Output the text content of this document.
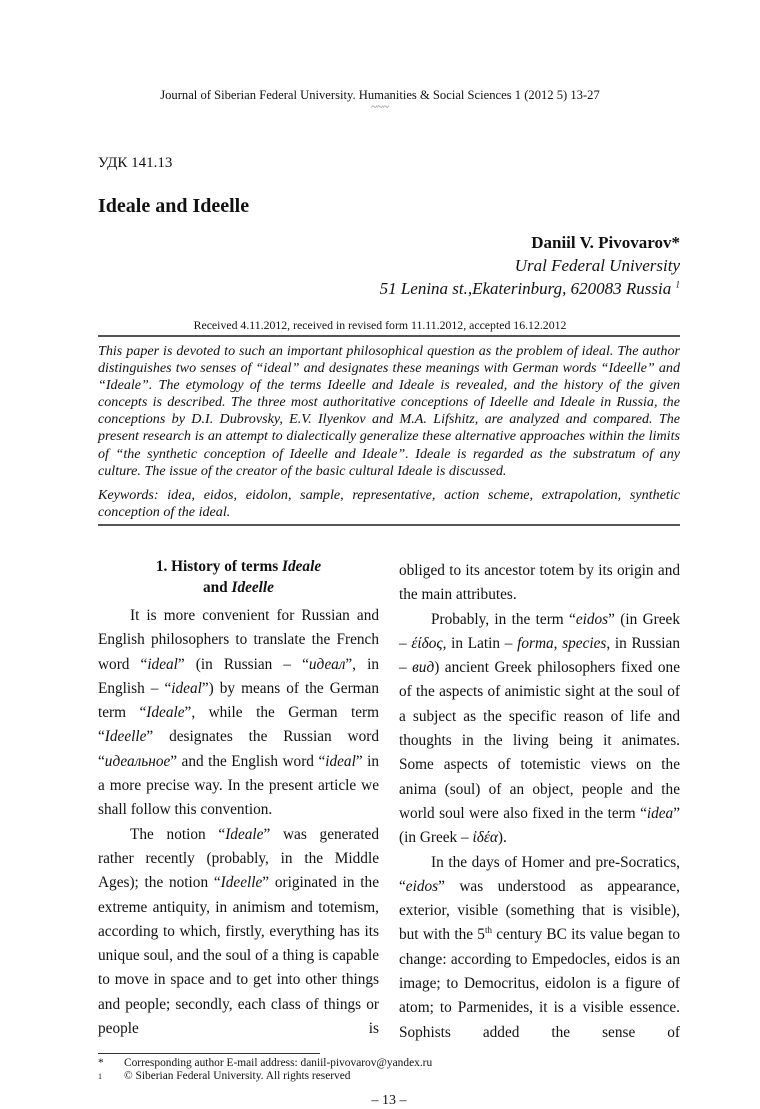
Journal of Siberian Federal University. Humanities & Social Sciences 1 (2012 5) 13-27
~~~
УДК 141.13
Ideale and Ideelle
Daniil V. Pivovarov*
Ural Federal University
51 Lenina st.,Ekaterinburg, 620083 Russia $^1$
Received 4.11.2012, received in revised form 11.11.2012, accepted 16.12.2012
This paper is devoted to such an important philosophical question as the problem of ideal. The author distinguishes two senses of “ideal” and designates these meanings with German words “Ideelle” and “Ideale”. The etymology of the terms Ideelle and Ideale is revealed, and the history of the given concepts is described. The three most authoritative conceptions of Ideelle and Ideale in Russia, the conceptions by D.I. Dubrovsky, E.V. Ilyenkov and M.A. Lifshitz, are analyzed and compared. The present research is an attempt to dialectically generalize these alternative approaches within the limits of “the synthetic conception of Ideelle and Ideale”. Ideale is regarded as the substratum of any culture. The issue of the creator of the basic cultural Ideale is discussed.
Keywords: idea, eidos, eidolon, sample, representative, action scheme, extrapolation, synthetic conception of the ideal.
1. History of terms Ideale
and Ideelle

It is more convenient for Russian and English philosophers to translate the French word “ideal” (in Russian – “идеал”, in English – “ideal”) by means of the German term “Ideale”, while the German term “Ideelle” designates the Russian word “идеальное” and the English word “ideal” in a more precise way. In the present article we shall follow this convention.

The notion “Ideale” was generated rather recently (probably, in the Middle Ages); the notion “Ideelle” originated in the extreme antiquity, in animism and totemism, according to which, firstly, everything has its unique soul, and the soul of a thing is capable to move in space and to get into other things and people; secondly, each class of things or people is

obliged to its ancestor totem by its origin and the main attributes.

Probably, in the term “eidos” (in Greek – έίδος, in Latin – forma, species, in Russian – вид) ancient Greek philosophers fixed one of the aspects of animistic sight at the soul of a subject as the specific reason of life and thoughts in the living being it animates. Some aspects of totemistic views on the anima (soul) of an object, people and the world soul were also fixed in the term “idea” (in Greek – ἰδέα).

In the days of Homer and pre-Socratics, “eidos” was understood as appearance, exterior, visible (something that is visible), but with the 5th century BC its value began to change: according to Empedocles, eidos is an image; to Democritus, eidolon is a figure of atom; to Parmenides, it is a visible essence. Sophists added the sense of

* Corresponding author E-mail address: daniil-pivovarov@yandex.ru
1 © Siberian Federal University. All rights reserved
– 13 –
